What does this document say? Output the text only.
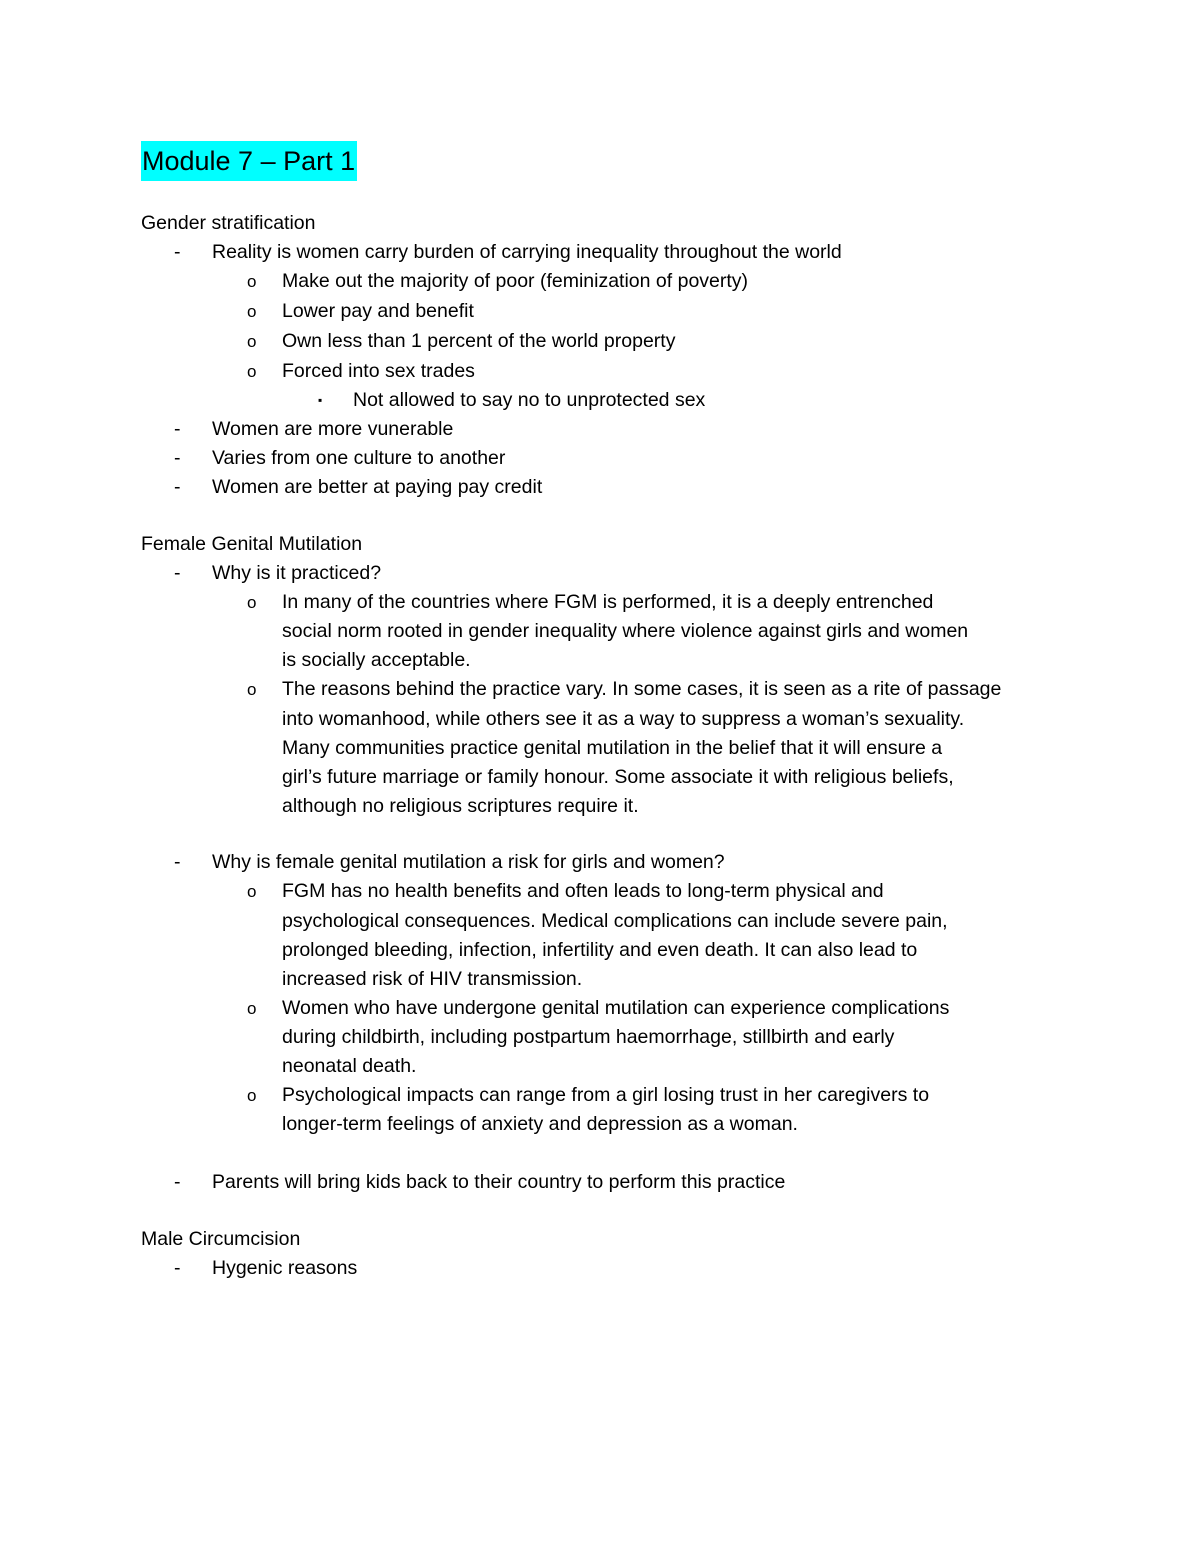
Module 7 – Part 1
Gender stratification
- Reality is women carry burden of carrying inequality throughout the world
o Make out the majority of poor (feminization of poverty)
o Lower pay and benefit
o Own less than 1 percent of the world property
o Forced into sex trades
▪ Not allowed to say no to unprotected sex
- Women are more vunerable
- Varies from one culture to another
- Women are better at paying pay credit
Female Genital Mutilation
- Why is it practiced?
o In many of the countries where FGM is performed, it is a deeply entrenched
social norm rooted in gender inequality where violence against girls and women
is socially acceptable.
o The reasons behind the practice vary. In some cases, it is seen as a rite of passage
into womanhood, while others see it as a way to suppress a woman’s sexuality.
Many communities practice genital mutilation in the belief that it will ensure a
girl’s future marriage or family honour. Some associate it with religious beliefs,
although no religious scriptures require it.
- Why is female genital mutilation a risk for girls and women?
o FGM has no health benefits and often leads to long-term physical and
psychological consequences. Medical complications can include severe pain,
prolonged bleeding, infection, infertility and even death. It can also lead to
increased risk of HIV transmission.
o Women who have undergone genital mutilation can experience complications
during childbirth, including postpartum haemorrhage, stillbirth and early
neonatal death.
o Psychological impacts can range from a girl losing trust in her caregivers to
longer-term feelings of anxiety and depression as a woman.
- Parents will bring kids back to their country to perform this practice
Male Circumcision
- Hygenic reasons
